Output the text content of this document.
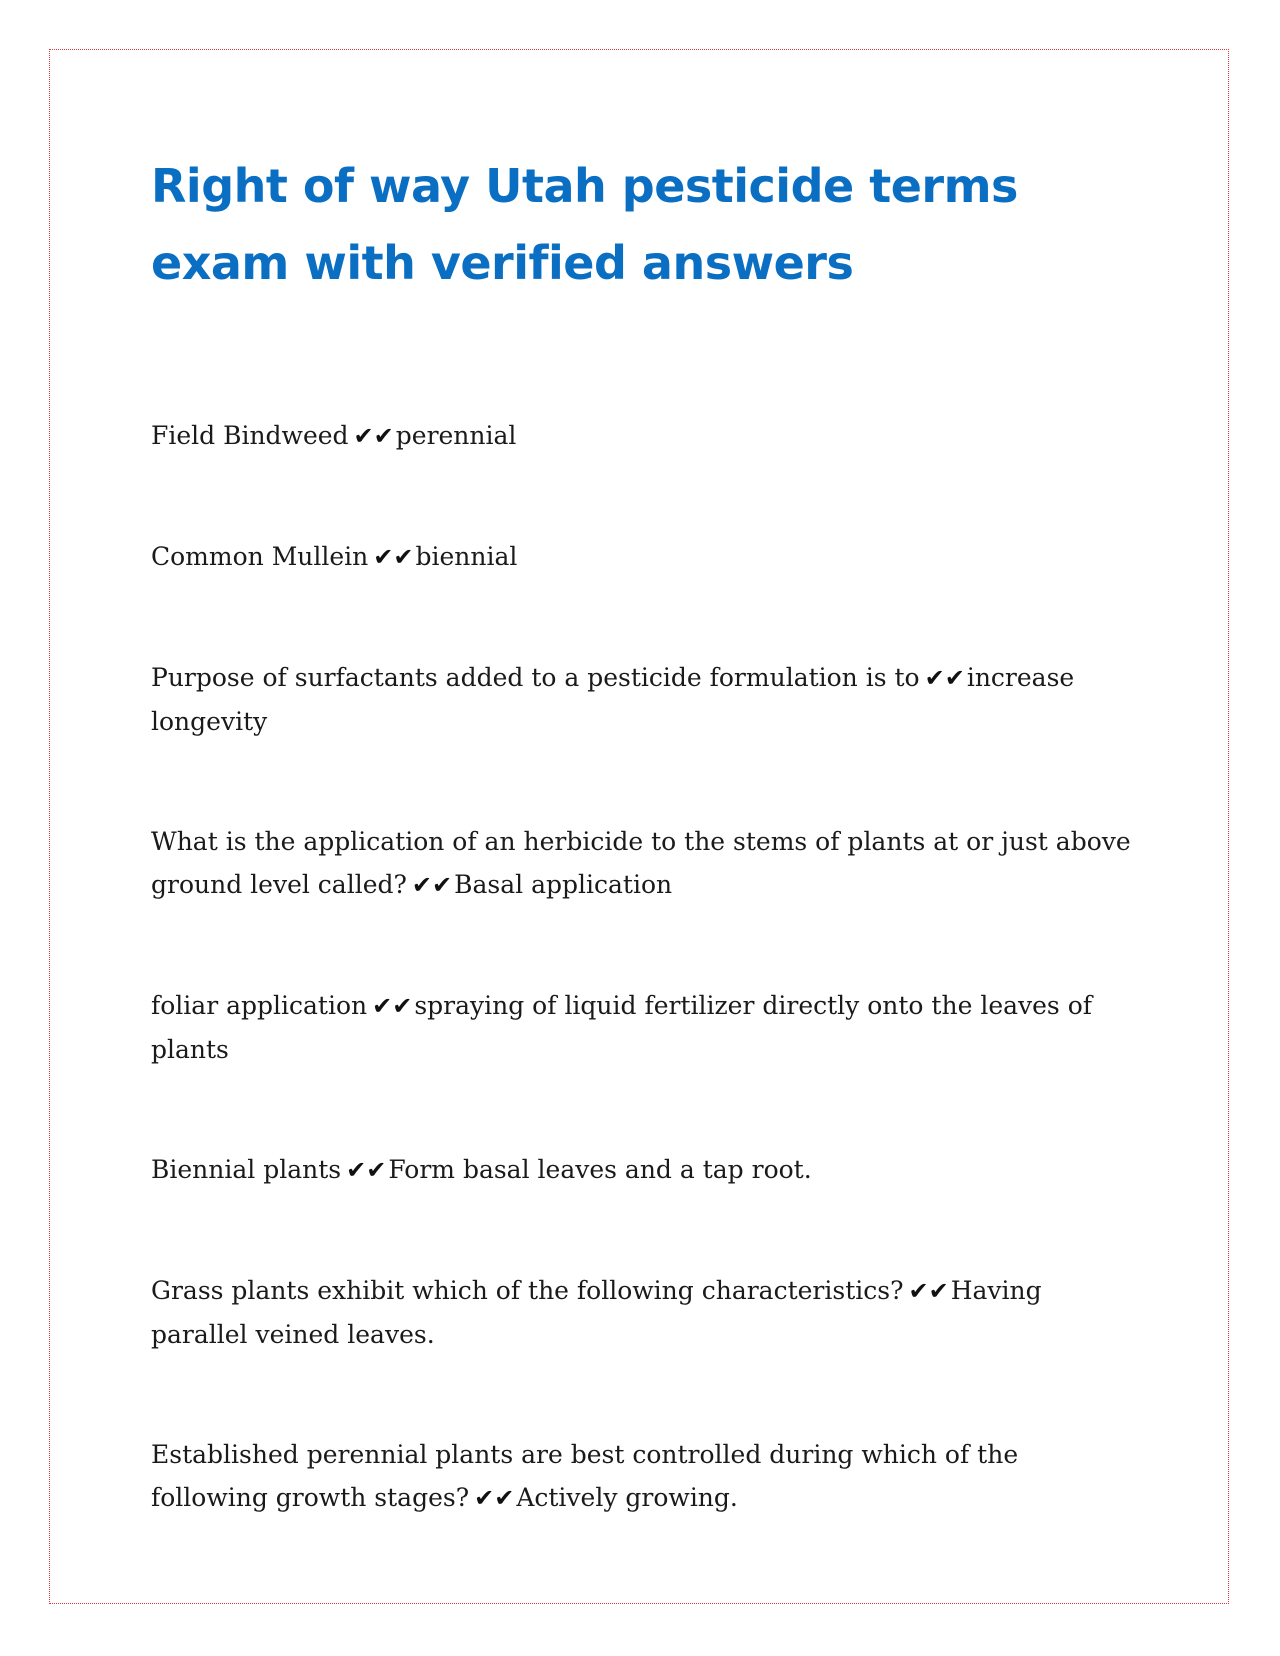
Right of way Utah pesticide terms exam with verified answers

Field Bindweed ✔✔perennial

Common Mullein ✔✔biennial

Purpose of surfactants added to a pesticide formulation is to ✔✔increase longevity

What is the application of an herbicide to the stems of plants at or just above ground level called? ✔✔Basal application

foliar application ✔✔spraying of liquid fertilizer directly onto the leaves of plants

Biennial plants ✔✔Form basal leaves and a tap root.

Grass plants exhibit which of the following characteristics? ✔✔Having parallel veined leaves.

Established perennial plants are best controlled during which of the following growth stages? ✔✔Actively growing.
